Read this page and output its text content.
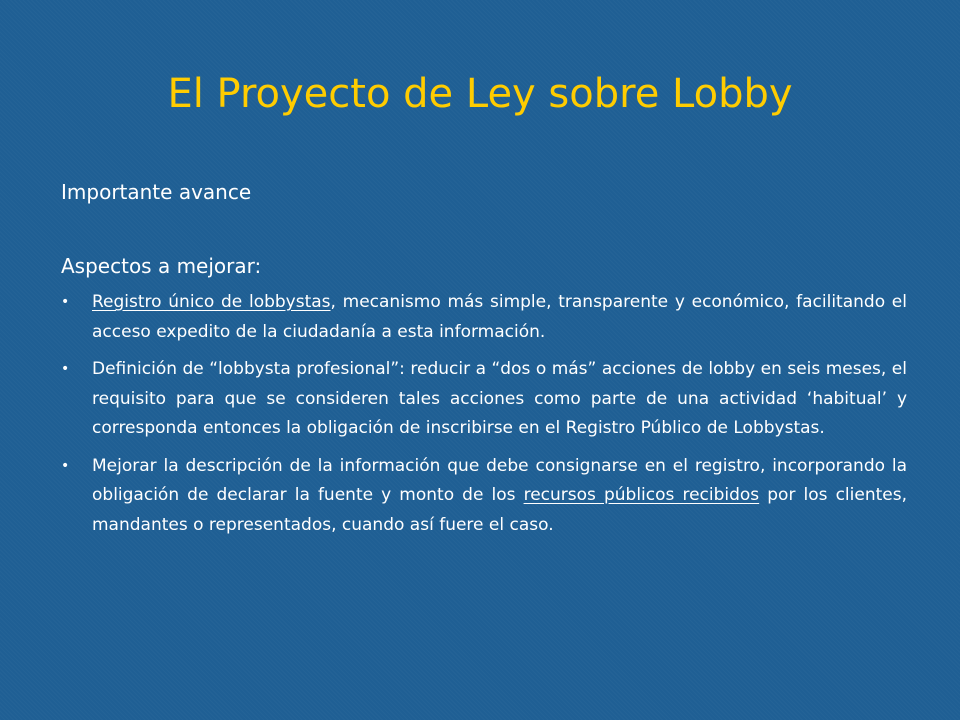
El Proyecto de Ley sobre Lobby

Importante avance

Aspectos a mejorar:

• Registro único de lobbystas, mecanismo más simple, transparente y económico, facilitando el acceso expedito de la ciudadanía a esta información.
• Definición de “lobbysta profesional”: reducir a “dos o más” acciones de lobby en seis meses, el requisito para que se consideren tales acciones como parte de una actividad ‘habitual’ y corresponda entonces la obligación de inscribirse en el Registro Público de Lobbystas.
• Mejorar la descripción de la información que debe consignarse en el registro, incorporando la obligación de declarar la fuente y monto de los recursos públicos recibidos por los clientes, mandantes o representados, cuando así fuere el caso.
